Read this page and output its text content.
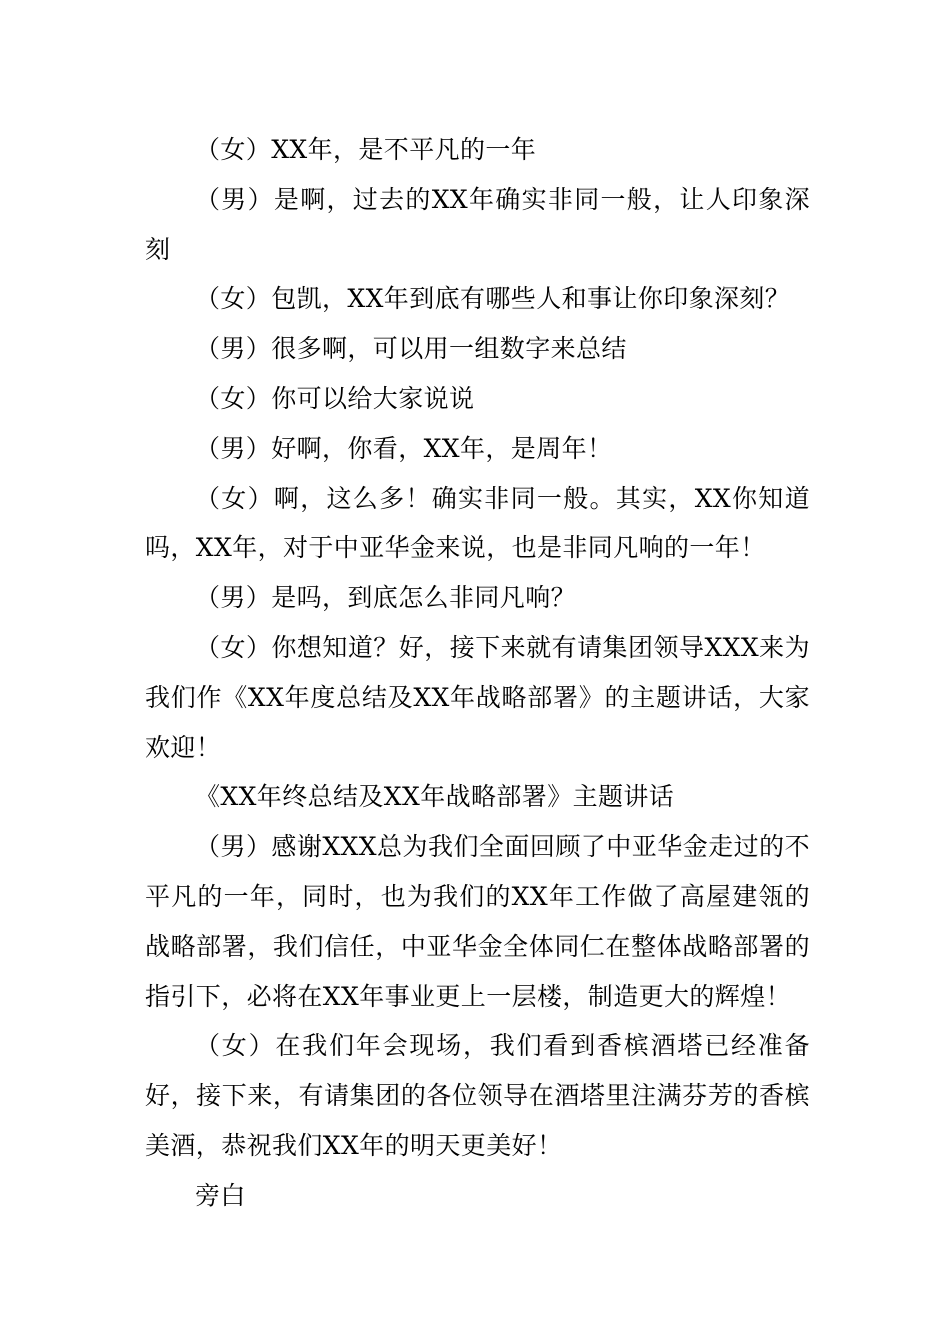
（女）XX年，是不平凡的一年

（男）是啊，过去的XX年确实非同一般，让人印象深刻

（女）包凯，XX年到底有哪些人和事让你印象深刻？

（男）很多啊，可以用一组数字来总结

（女）你可以给大家说说

（男）好啊，你看，XX年，是周年！

（女）啊，这么多！确实非同一般。其实，XX你知道吗，XX年，对于中亚华金来说，也是非同凡响的一年！

（男）是吗，到底怎么非同凡响？

（女）你想知道？好，接下来就有请集团领导XXX来为我们作《XX年度总结及XX年战略部署》的主题讲话，大家欢迎！

《XX年终总结及XX年战略部署》主题讲话

（男）感谢XXX总为我们全面回顾了中亚华金走过的不平凡的一年，同时，也为我们的XX年工作做了高屋建瓴的战略部署，我们信任，中亚华金全体同仁在整体战略部署的指引下，必将在XX年事业更上一层楼，制造更大的辉煌！

（女）在我们年会现场，我们看到香槟酒塔已经准备好，接下来，有请集团的各位领导在酒塔里注满芬芳的香槟美酒，恭祝我们XX年的明天更美好！

旁白
